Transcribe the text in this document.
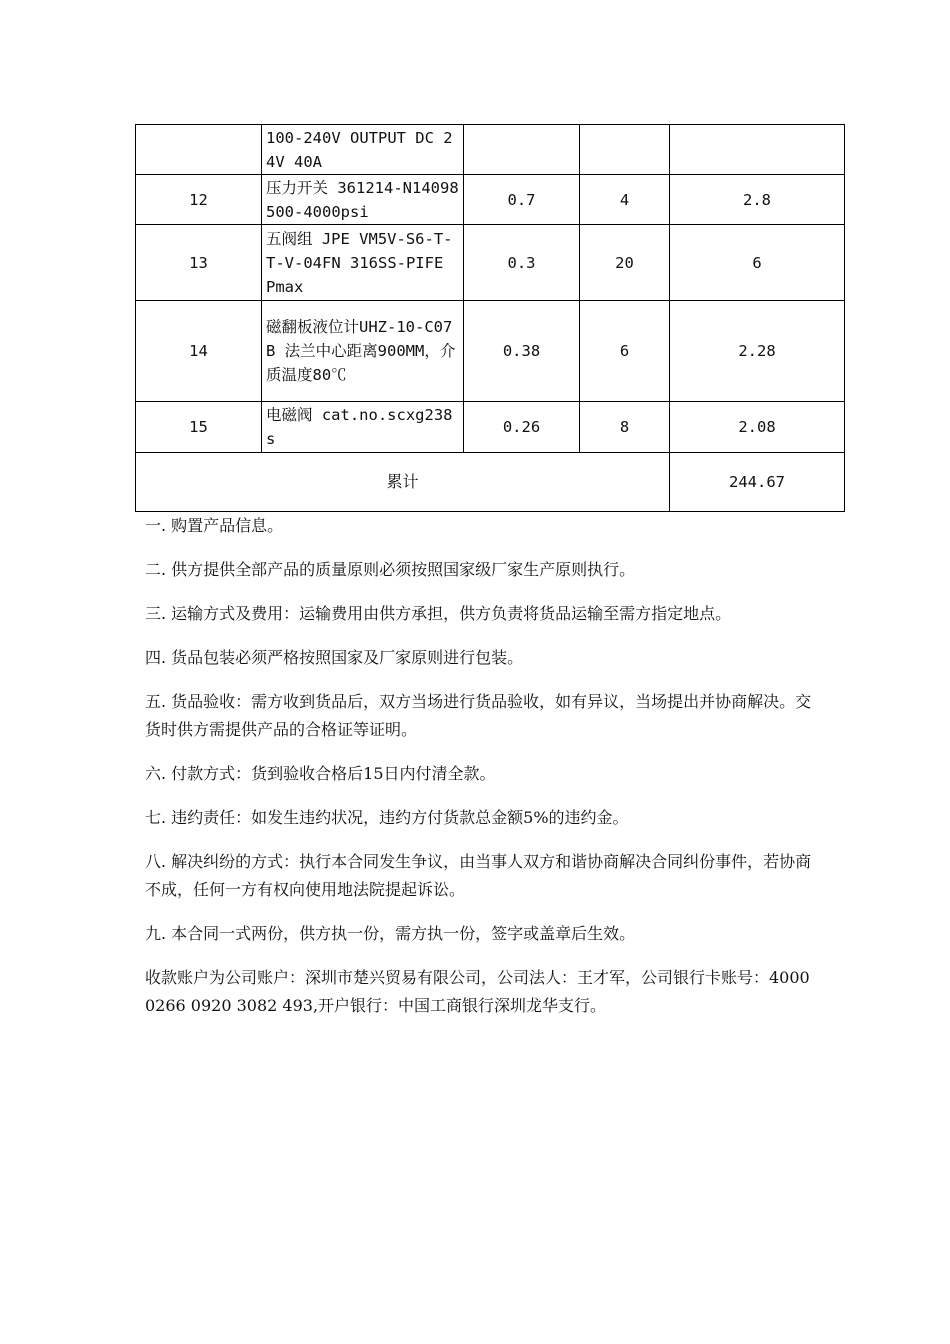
	100-240V OUTPUT DC 24V 40A			
12	压力开关 361214-N14098 500-4000psi	0.7	4	2.8
13	五阀组 JPE VM5V-S6-T-T-V-04FN 316SS-PIFE Pmax	0.3	20	6
14	磁翻板液位计UHZ-10-C07B 法兰中心距离900MM，介质温度80℃	0.38	6	2.28
15	电磁阀 cat.no.scxg238s	0.26	8	2.08
累计				244.67

一. 购置产品信息。

二. 供方提供全部产品的质量原则必须按照国家级厂家生产原则执行。

三. 运输方式及费用：运输费用由供方承担，供方负责将货品运输至需方指定地点。

四. 货品包装必须严格按照国家及厂家原则进行包装。

五. 货品验收：需方收到货品后，双方当场进行货品验收，如有异议，当场提出并协商解决。交货时供方需提供产品的合格证等证明。

六. 付款方式：货到验收合格后15日内付清全款。

七. 违约责任：如发生违约状况，违约方付货款总金额5%的违约金。

八. 解决纠纷的方式：执行本合同发生争议，由当事人双方和谐协商解决合同纠份事件，若协商不成，任何一方有权向使用地法院提起诉讼。

九. 本合同一式两份，供方执一份，需方执一份，签字或盖章后生效。

收款账户为公司账户：深圳市楚兴贸易有限公司，公司法人：王才军，公司银行卡账号：4000 0266 0920 3082 493,开户银行：中国工商银行深圳龙华支行。
